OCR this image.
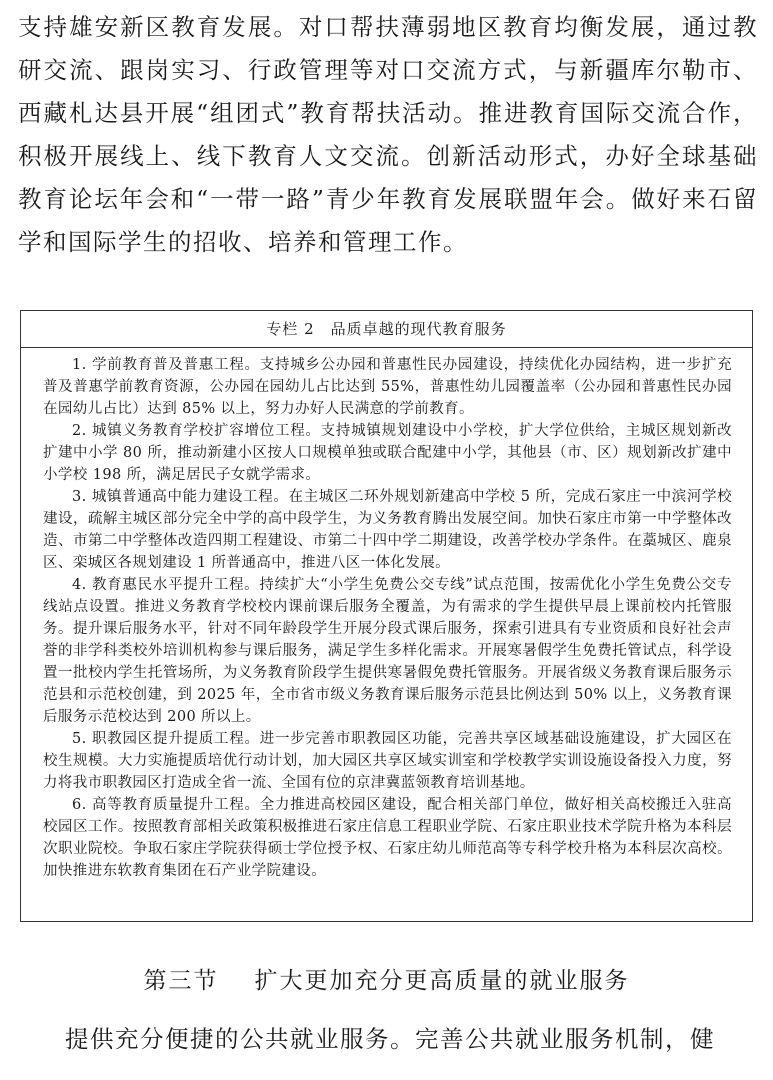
支持雄安新区教育发展。对口帮扶薄弱地区教育均衡发展，通过教研交流、跟岗实习、行政管理等对口交流方式，与新疆库尔勒市、西藏札达县开展“组团式”教育帮扶活动。推进教育国际交流合作，积极开展线上、线下教育人文交流。创新活动形式，办好全球基础教育论坛年会和“一带一路”青少年教育发展联盟年会。做好来石留学和国际学生的招收、培养和管理工作。

专栏 2　品质卓越的现代教育服务

1. 学前教育普及普惠工程。支持城乡公办园和普惠性民办园建设，持续优化办园结构，进一步扩充普及普惠学前教育资源，公办园在园幼儿占比达到 55%，普惠性幼儿园覆盖率（公办园和普惠性民办园在园幼儿占比）达到 85% 以上，努力办好人民满意的学前教育。

2. 城镇义务教育学校扩容增位工程。支持城镇规划建设中小学校，扩大学位供给，主城区规划新改扩建中小学 80 所，推动新建小区按人口规模单独或联合配建中小学，其他县（市、区）规划新改扩建中小学校 198 所，满足居民子女就学需求。

3. 城镇普通高中能力建设工程。在主城区二环外规划新建高中学校 5 所，完成石家庄一中滨河学校建设，疏解主城区部分完全中学的高中段学生，为义务教育腾出发展空间。加快石家庄市第一中学整体改造、市第二中学整体改造四期工程建设、市第二十四中学二期建设，改善学校办学条件。在藁城区、鹿泉区、栾城区各规划建设 1 所普通高中，推进八区一体化发展。

4. 教育惠民水平提升工程。持续扩大“小学生免费公交专线”试点范围，按需优化小学生免费公交专线站点设置。推进义务教育学校校内课前课后服务全覆盖，为有需求的学生提供早晨上课前校内托管服务。提升课后服务水平，针对不同年龄段学生开展分段式课后服务，探索引进具有专业资质和良好社会声誉的非学科类校外培训机构参与课后服务，满足学生多样化需求。开展寒暑假学生免费托管试点，科学设置一批校内学生托管场所，为义务教育阶段学生提供寒暑假免费托管服务。开展省级义务教育课后服务示范县和示范校创建，到 2025 年，全市省市级义务教育课后服务示范县比例达到 50% 以上，义务教育课后服务示范校达到 200 所以上。

5. 职教园区提升提质工程。进一步完善市职教园区功能，完善共享区域基础设施建设，扩大园区在校生规模。大力实施提质培优行动计划，加大园区共享区域实训室和学校教学实训设施设备投入力度，努力将我市职教园区打造成全省一流、全国有位的京津冀蓝领教育培训基地。

6. 高等教育质量提升工程。全力推进高校园区建设，配合相关部门单位，做好相关高校搬迁入驻高校园区工作。按照教育部相关政策积极推进石家庄信息工程职业学院、石家庄职业技术学院升格为本科层次职业院校。争取石家庄学院获得硕士学位授予权、石家庄幼儿师范高等专科学校升格为本科层次高校。加快推进东软教育集团在石产业学院建设。

第三节 扩大更加充分更高质量的就业服务

提供充分便捷的公共就业服务。完善公共就业服务机制，健
